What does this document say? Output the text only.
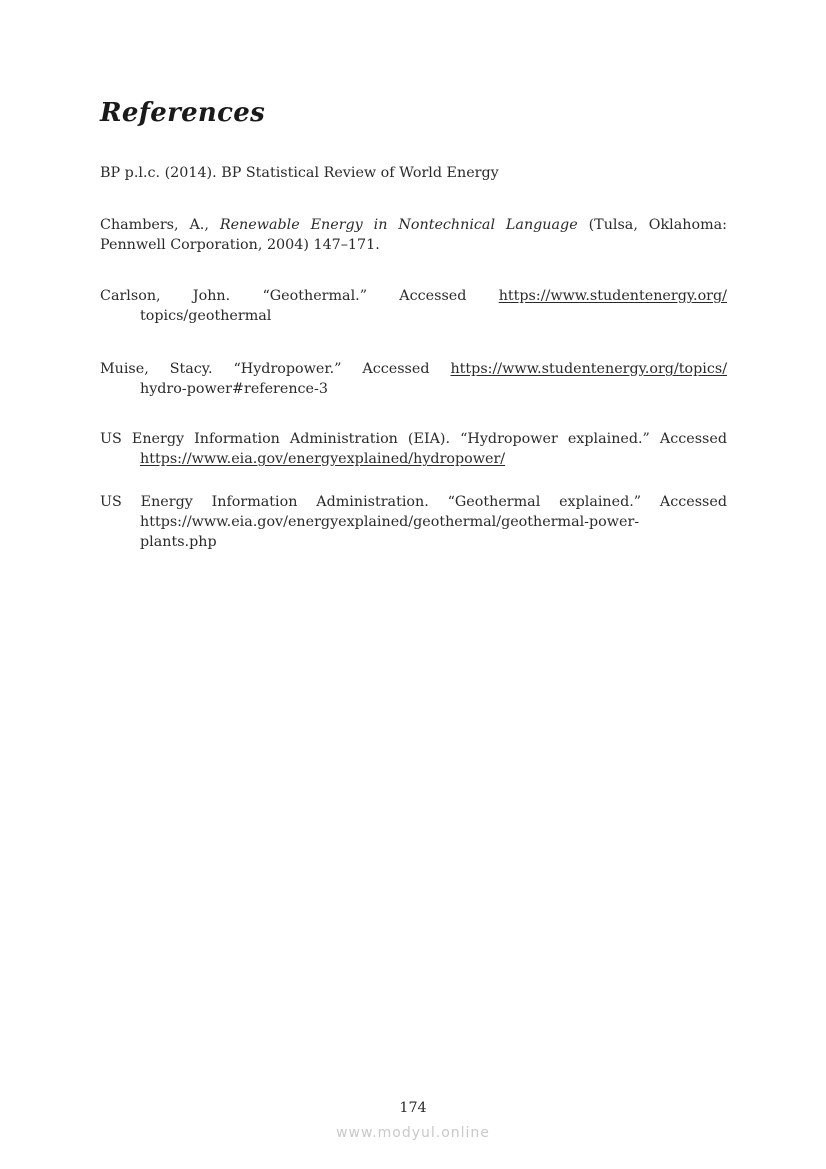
References
BP p.l.c. (2014). BP Statistical Review of World Energy
Chambers, A., Renewable Energy in Nontechnical Language (Tulsa, Oklahoma:
Pennwell Corporation, 2004) 147–171.
Carlson, John. “Geothermal.” Accessed https://www.studentenergy.org/
topics/geothermal
Muise, Stacy. “Hydropower.” Accessed https://www.studentenergy.org/topics/
hydro-power#reference-3
US Energy Information Administration (EIA). “Hydropower explained.” Accessed
https://www.eia.gov/energyexplained/hydropower/
US Energy Information Administration. “Geothermal explained.” Accessed
https://www.eia.gov/energyexplained/geothermal/geothermal-power-
plants.php
174
www.modyul.online
